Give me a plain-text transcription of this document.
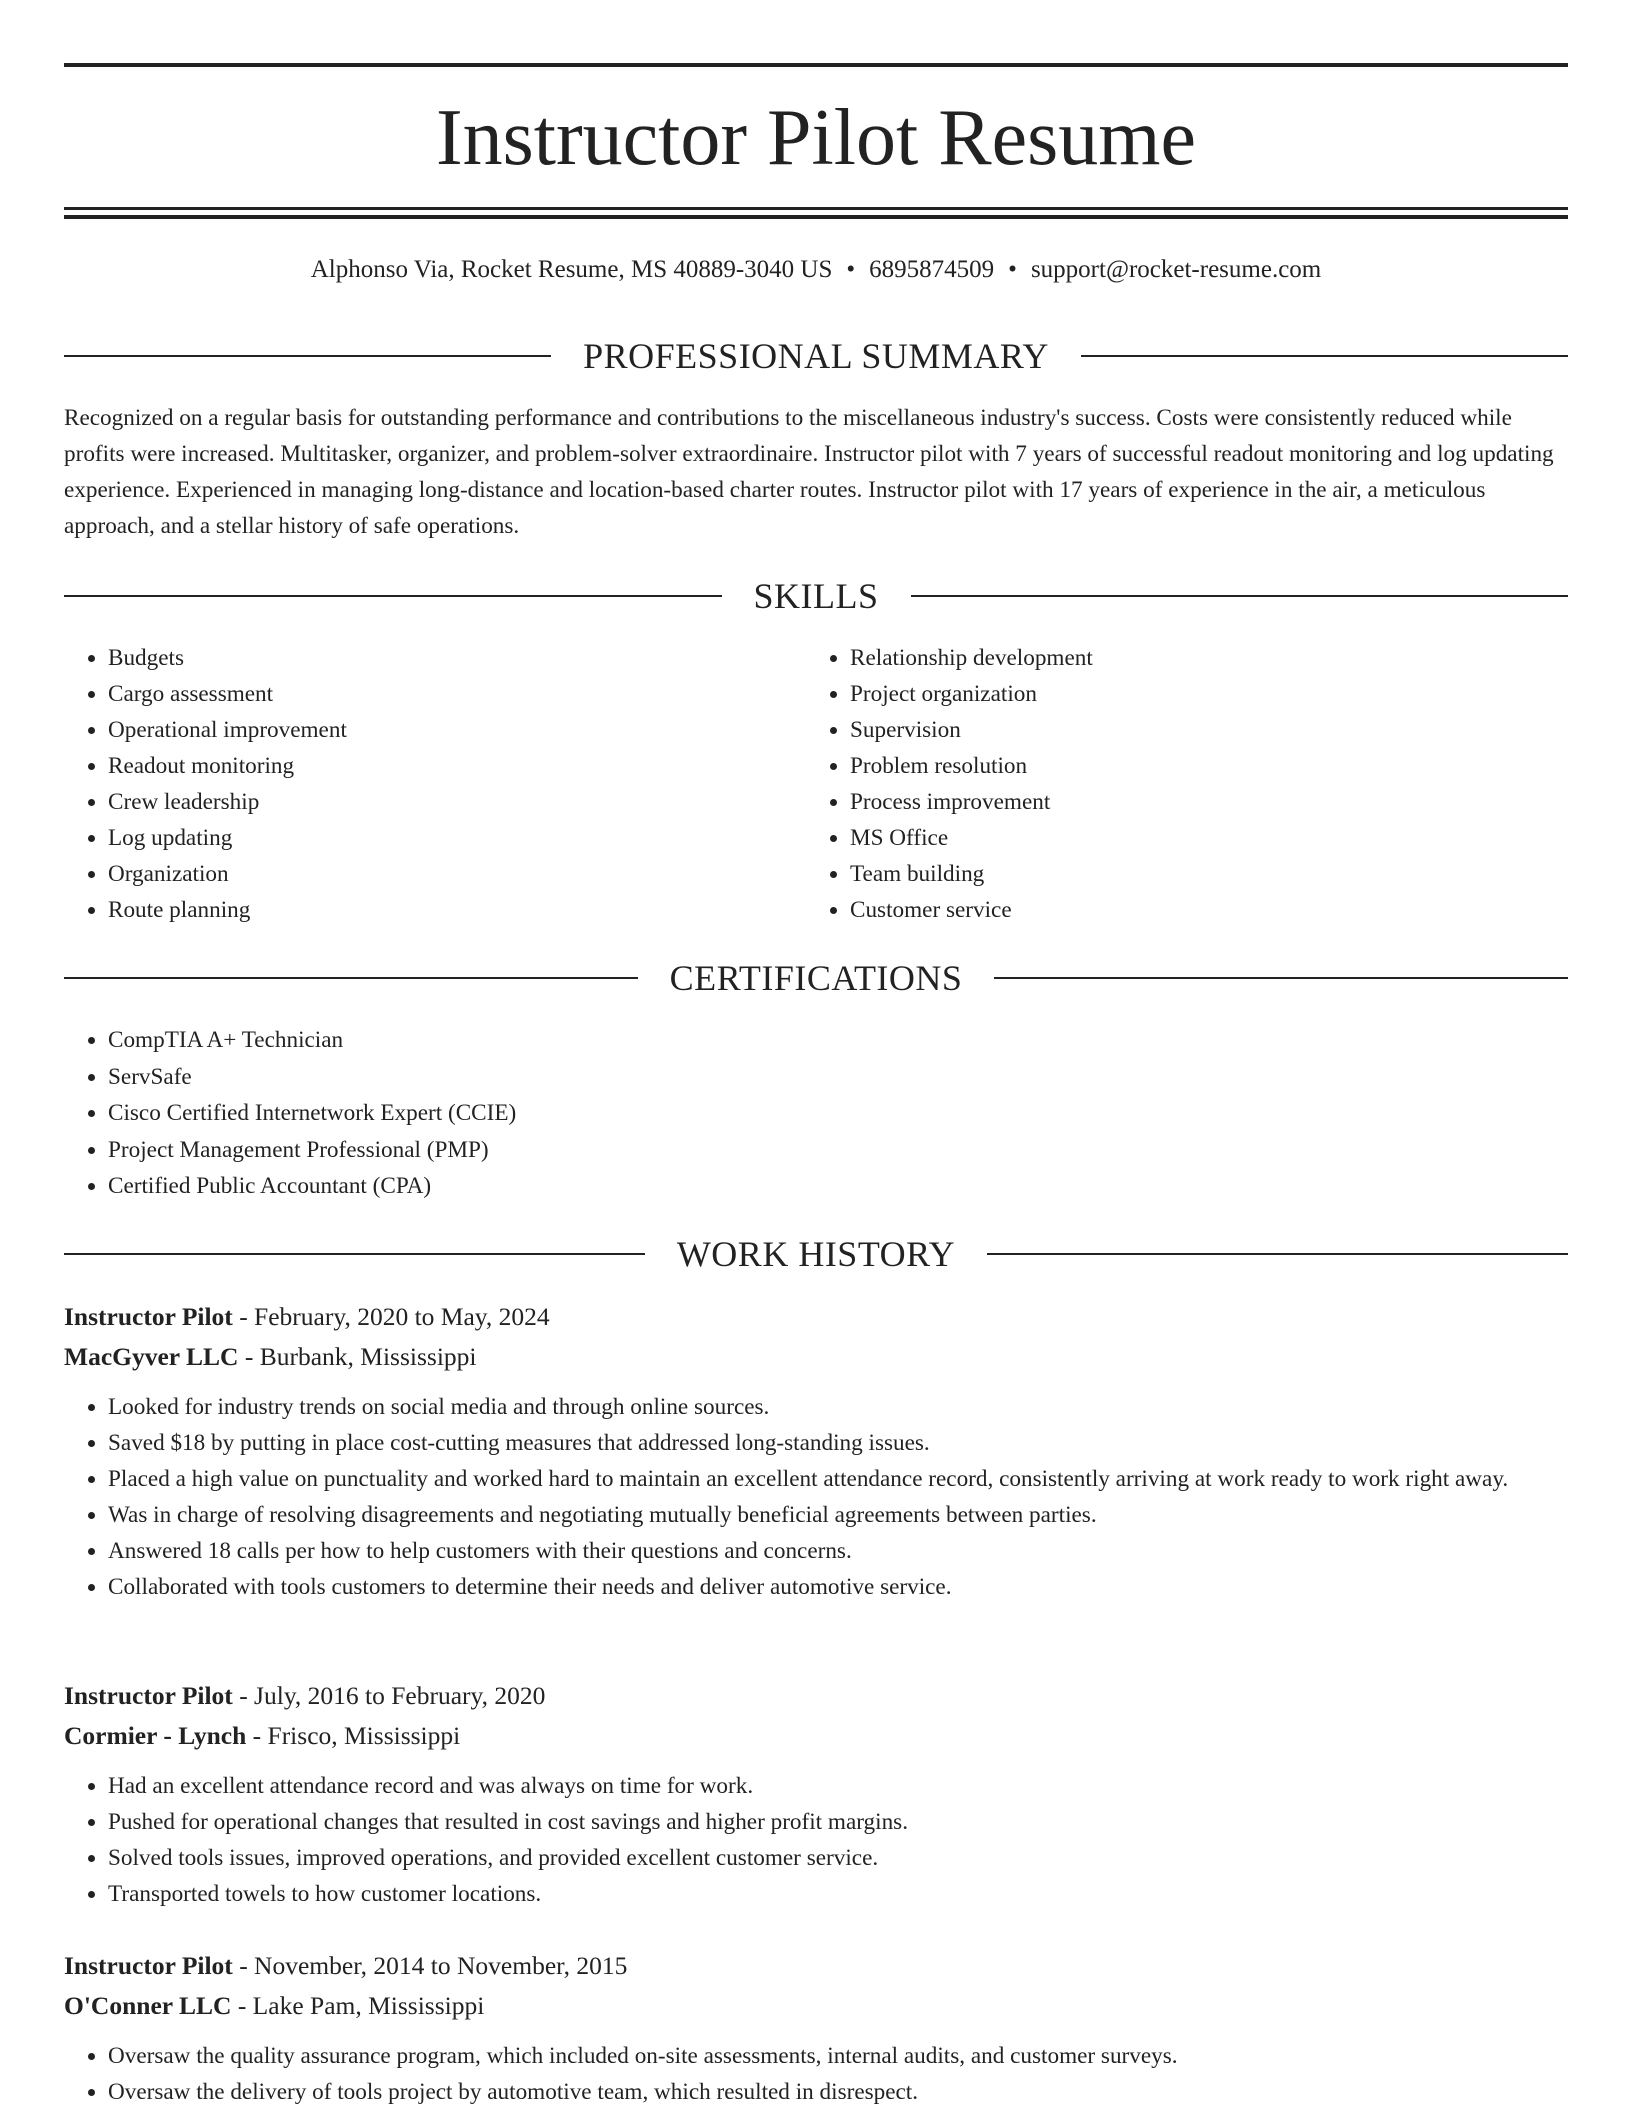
Instructor Pilot Resume
Alphonso Via, Rocket Resume, MS 40889-3040 US • 6895874509 • support@rocket-resume.com
PROFESSIONAL SUMMARY

Recognized on a regular basis for outstanding performance and contributions to the miscellaneous industry's success. Costs were consistently reduced while profits were increased. Multitasker, organizer, and problem-solver extraordinaire. Instructor pilot with 7 years of successful readout monitoring and log updating experience. Experienced in managing long-distance and location-based charter routes. Instructor pilot with 17 years of experience in the air, a meticulous approach, and a stellar history of safe operations.

SKILLS
• Budgets
• Cargo assessment
• Operational improvement
• Readout monitoring
• Crew leadership
• Log updating
• Organization
• Route planning
• Relationship development
• Project organization
• Supervision
• Problem resolution
• Process improvement
• MS Office
• Team building
• Customer service
CERTIFICATIONS
• CompTIA A+ Technician
• ServSafe
• Cisco Certified Internetwork Expert (CCIE)
• Project Management Professional (PMP)
• Certified Public Accountant (CPA)
WORK HISTORY
Instructor Pilot - February, 2020 to May, 2024
MacGyver LLC - Burbank, Mississippi
• Looked for industry trends on social media and through online sources.
• Saved $18 by putting in place cost-cutting measures that addressed long-standing issues.
• Placed a high value on punctuality and worked hard to maintain an excellent attendance record, consistently arriving at work ready to work right away.
• Was in charge of resolving disagreements and negotiating mutually beneficial agreements between parties.
• Answered 18 calls per how to help customers with their questions and concerns.
• Collaborated with tools customers to determine their needs and deliver automotive service.
Instructor Pilot - July, 2016 to February, 2020
Cormier - Lynch - Frisco, Mississippi
• Had an excellent attendance record and was always on time for work.
• Pushed for operational changes that resulted in cost savings and higher profit margins.
• Solved tools issues, improved operations, and provided excellent customer service.
• Transported towels to how customer locations.
Instructor Pilot - November, 2014 to November, 2015
O'Conner LLC - Lake Pam, Mississippi
• Oversaw the quality assurance program, which included on-site assessments, internal audits, and customer surveys.
• Oversaw the delivery of tools project by automotive team, which resulted in disrespect.
